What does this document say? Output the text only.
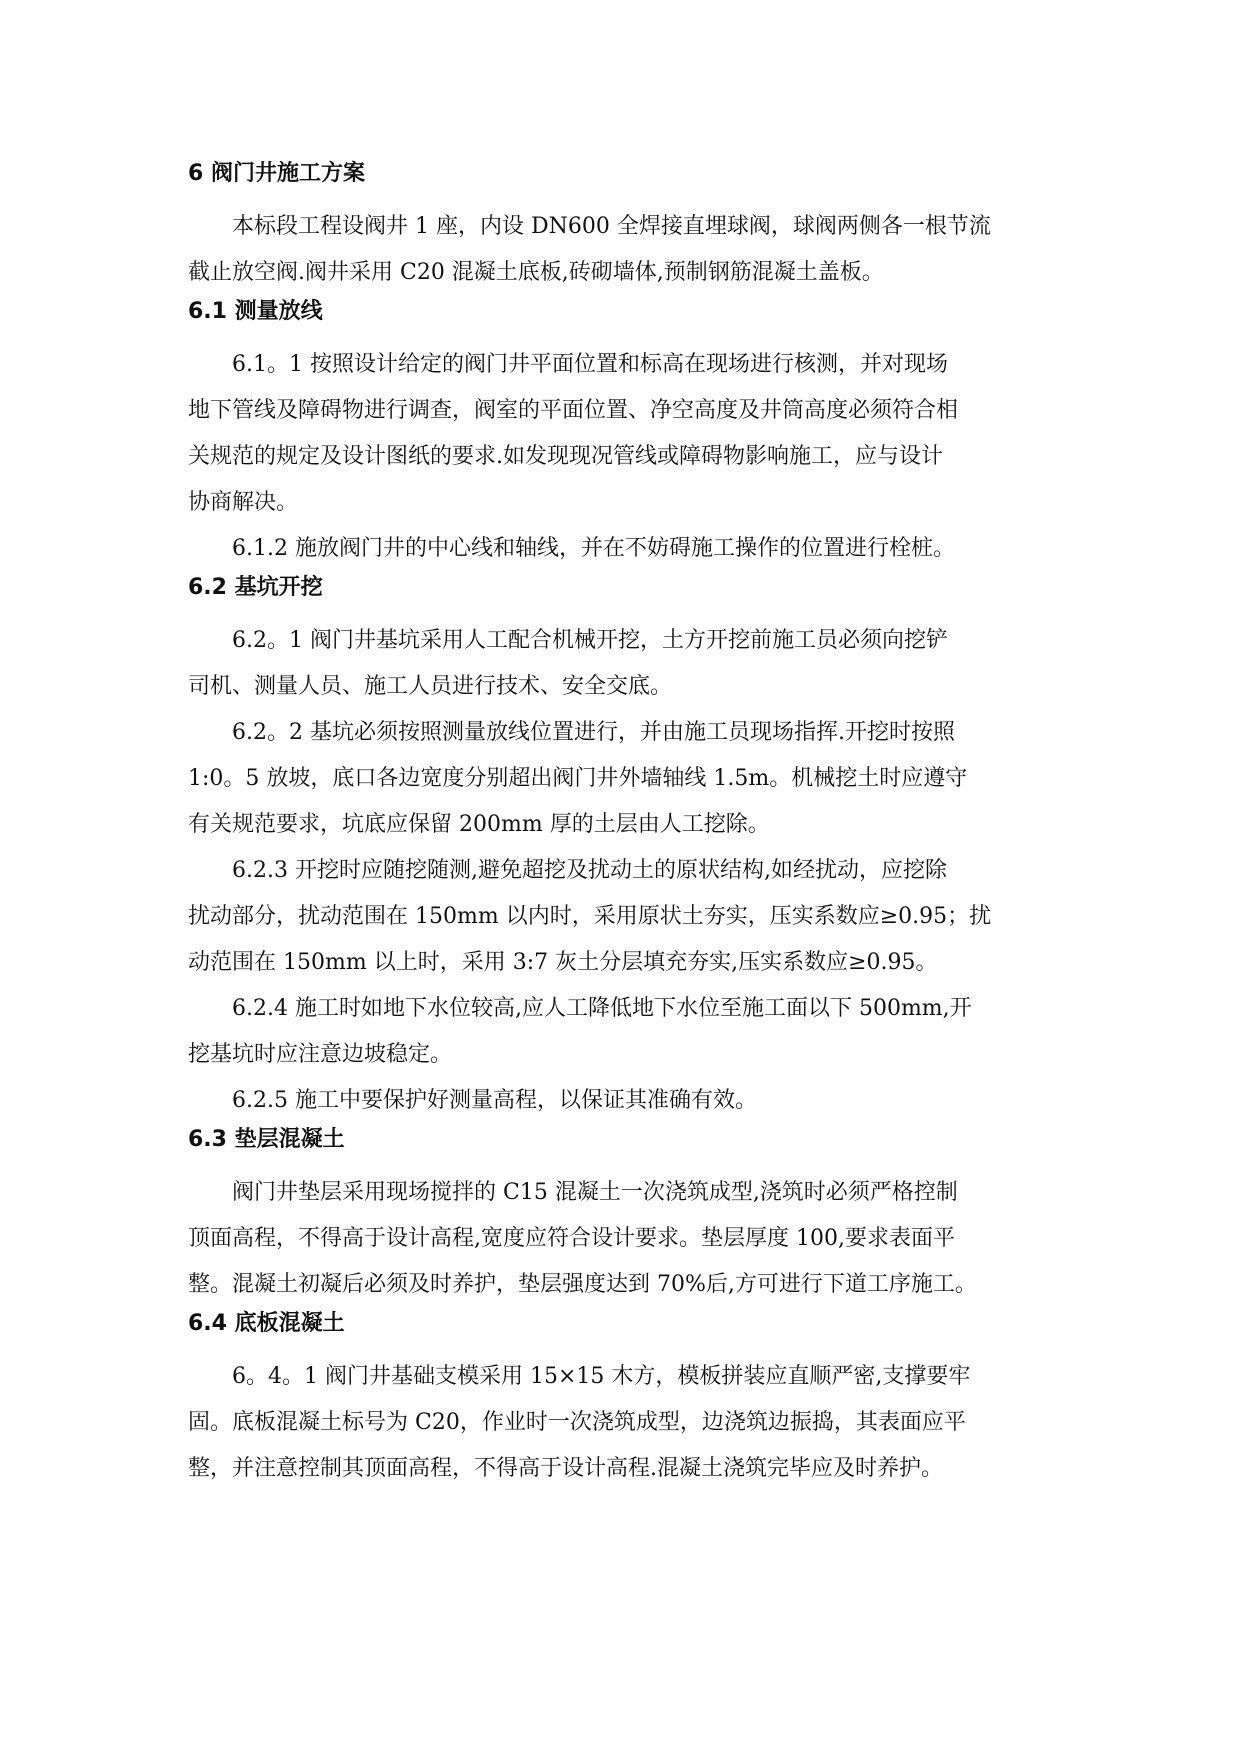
6 阀门井施工方案
本标段工程设阀井 1 座，内设 DN600 全焊接直埋球阀，球阀两侧各一根节流
截止放空阀.阀井采用 C20 混凝土底板,砖砌墙体,预制钢筋混凝土盖板。
6.1 测量放线
6.1。1 按照设计给定的阀门井平面位置和标高在现场进行核测，并对现场
地下管线及障碍物进行调查，阀室的平面位置、净空高度及井筒高度必须符合相
关规范的规定及设计图纸的要求.如发现现况管线或障碍物影响施工，应与设计
协商解决。
6.1.2 施放阀门井的中心线和轴线，并在不妨碍施工操作的位置进行栓桩。
6.2 基坑开挖
6.2。1 阀门井基坑采用人工配合机械开挖，土方开挖前施工员必须向挖铲
司机、测量人员、施工人员进行技术、安全交底。
6.2。2 基坑必须按照测量放线位置进行，并由施工员现场指挥.开挖时按照
1:0。5 放坡，底口各边宽度分别超出阀门井外墙轴线 1.5m。机械挖土时应遵守
有关规范要求，坑底应保留 200mm 厚的土层由人工挖除。
6.2.3 开挖时应随挖随测,避免超挖及扰动土的原状结构,如经扰动，应挖除
扰动部分，扰动范围在 150mm 以内时，采用原状土夯实，压实系数应≥0.95；扰
动范围在 150mm 以上时，采用 3:7 灰土分层填充夯实,压实系数应≥0.95。
6.2.4 施工时如地下水位较高,应人工降低地下水位至施工面以下 500mm,开
挖基坑时应注意边坡稳定。
6.2.5 施工中要保护好测量高程，以保证其准确有效。
6.3 垫层混凝土
阀门井垫层采用现场搅拌的 C15 混凝土一次浇筑成型,浇筑时必须严格控制
顶面高程，不得高于设计高程,宽度应符合设计要求。垫层厚度 100,要求表面平
整。混凝土初凝后必须及时养护，垫层强度达到 70%后,方可进行下道工序施工。
6.4 底板混凝土
6。4。1 阀门井基础支模采用 15×15 木方，模板拼装应直顺严密,支撑要牢
固。底板混凝土标号为 C20，作业时一次浇筑成型，边浇筑边振捣，其表面应平
整，并注意控制其顶面高程，不得高于设计高程.混凝土浇筑完毕应及时养护。
